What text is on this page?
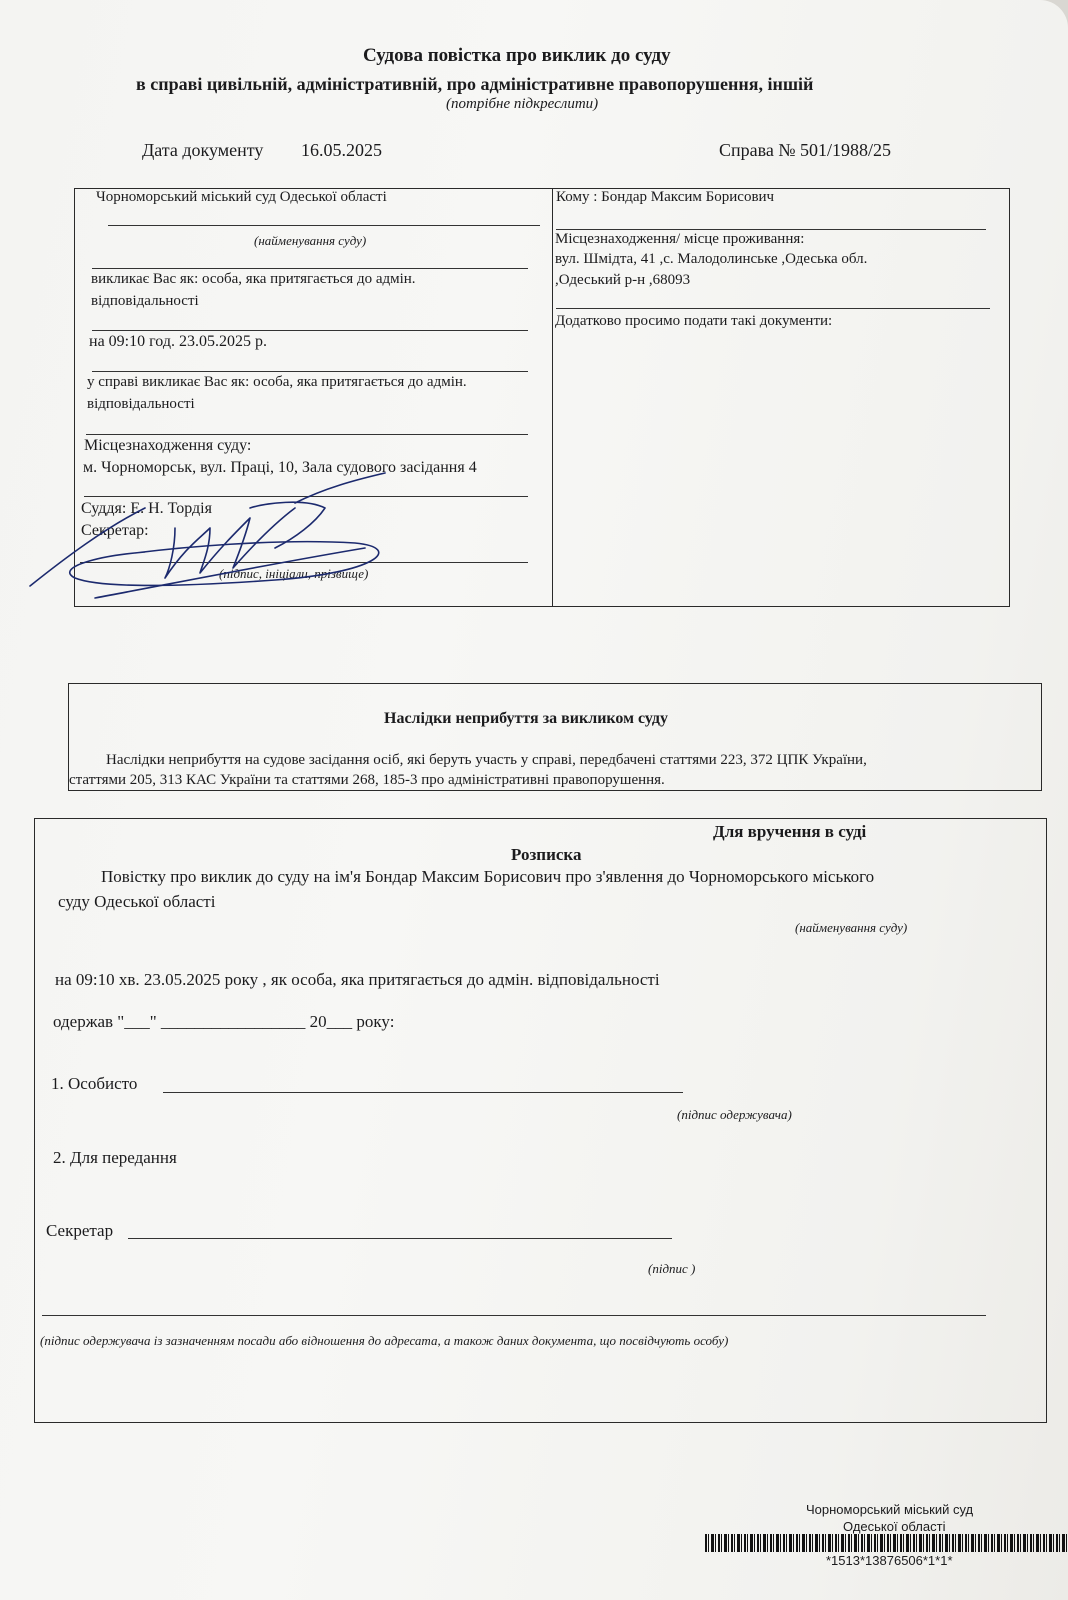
Судова повістка про виклик до суду
в справі цивільній, адміністративній, про адміністративне правопорушення, іншій
(потрібне підкреслити)
Дата документу 16.05.2025	Справа № 501/1988/25
Чорноморський міський суд Одеської області
(найменування суду)
викликає Вас як: особа, яка притягається до адмін.
відповідальності
на 09:10 год. 23.05.2025 р.
у справі викликає Вас як: особа, яка притягається до адмін.
відповідальності
Місцезнаходження суду:
м. Чорноморськ, вул. Праці, 10, Зала судового засідання 4
Суддя: Е. Н. Тордія
Секретар:
(підпис, ініціали, прізвище)
Кому : Бондар Максим Борисович
Місцезнаходження/ місце проживання:
вул. Шмідта, 41 ,с. Малодолинське ,Одеська обл.
,Одеський р-н ,68093
Додатково просимо подати такі документи:
Наслідки неприбуття за викликом суду
Наслідки неприбуття на судове засідання осіб, які беруть участь у справі, передбачені статтями 223, 372 ЦПК України,
статтями 205, 313 КАС України та статтями 268, 185-3 про адміністративні правопорушення.
Для вручення в суді
Розписка
Повістку про виклик до суду на ім'я Бондар Максим Борисович про з'явлення до Чорноморського міського
суду Одеської області
(найменування суду)
на 09:10 хв. 23.05.2025 року , як особа, яка притягається до адмін. відповідальності
одержав "___" _________________ 20___ року:
1. Особисто
(підпис одержувача)
2. Для передання
Секретар
(підпис )
(підпис одержувача із зазначенням посади або відношення до адресата, а також даних документа, що посвідчують особу)
Чорноморський міський суд
Одеської області
*1513*13876506*1*1*
